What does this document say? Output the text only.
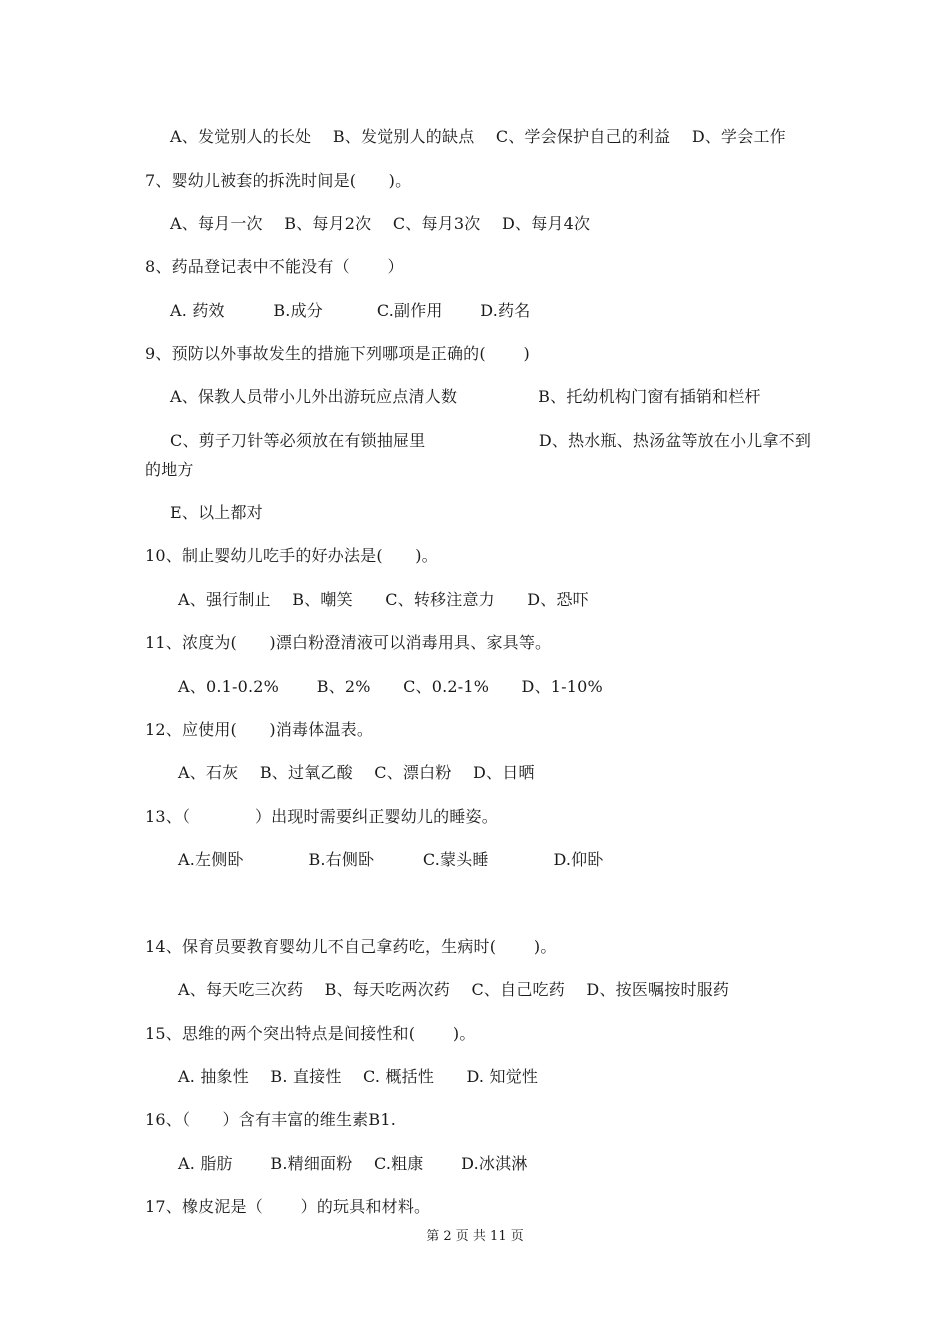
A、发觉别人的长处　 B、发觉别人的缺点　 C、学会保护自己的利益　 D、学会工作
7、婴幼儿被套的拆洗时间是(　　)。
A、每月一次　 B、每月2次　 C、每月3次　 D、每月4次
8、药品登记表中不能没有（　　 ）
A. 药效　　　B.成分　　　 C.副作用　　 D.药名
9、预防以外事故发生的措施下列哪项是正确的(　　 )
A、保教人员带小儿外出游玩应点清人数　　　　　B、托幼机构门窗有插销和栏杆
C、剪子刀针等必须放在有锁抽屉里　　　　　　　D、热水瓶、热汤盆等放在小儿拿不到
的地方
E、以上都对
10、制止婴幼儿吃手的好办法是(　　)。
A、强行制止　 B、嘲笑　　C、转移注意力　　D、恐吓
11、浓度为(　　)漂白粉澄清液可以消毒用具、家具等。
A、0.1-0.2%　　 B、2%　　C、0.2-1%　　D、1-10%
12、应使用(　　)消毒体温表。
A、石灰　 B、过氧乙酸　 C、漂白粉　 D、日晒
13、（　　　　）出现时需要纠正婴幼儿的睡姿。
A.左侧卧　　　　B.右侧卧　　　C.蒙头睡　　　　D.仰卧
14、保育员要教育婴幼儿不自己拿药吃，生病时(　　 )。
A、每天吃三次药　 B、每天吃两次药　 C、自己吃药　 D、按医嘱按时服药
15、思维的两个突出特点是间接性和(　　 )。
A. 抽象性　 B. 直接性　 C. 概括性　　D. 知觉性
16、（　　）含有丰富的维生素B1.
A. 脂肪　　 B.精细面粉　 C.粗康　　 D.冰淇淋
17、橡皮泥是（　　 ）的玩具和材料。
第 2 页 共 11 页
